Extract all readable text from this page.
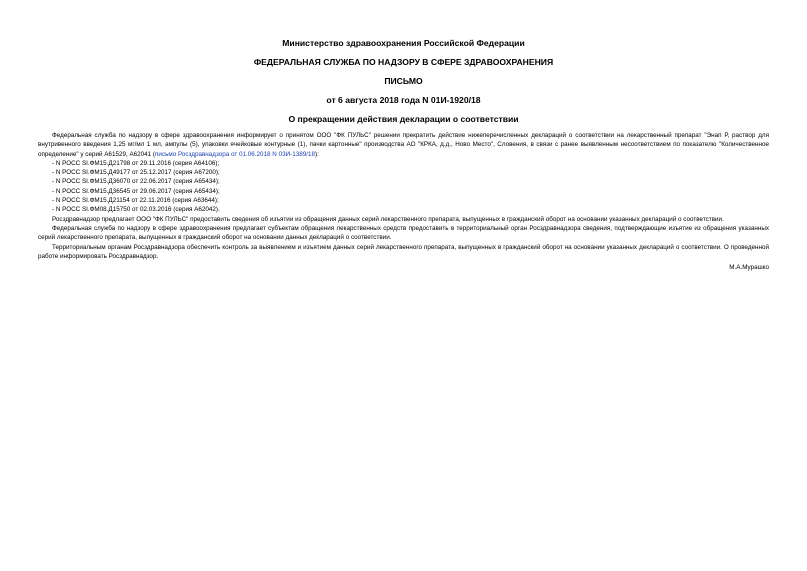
Министерство здравоохранения Российской Федерации
ФЕДЕРАЛЬНАЯ СЛУЖБА ПО НАДЗОРУ В СФЕРЕ ЗДРАВООХРАНЕНИЯ
ПИСЬМО
от 6 августа 2018 года N 01И-1920/18
О прекращении действия декларации о соответствии

Федеральная служба по надзору в сфере здравоохранения информирует о принятом ООО "ФК ПУЛЬС" решении прекратить действие нижеперечисленных деклараций о соответствии на лекарственный препарат "Энап Р, раствор для внутривенного введения 1,25 мг/мл 1 мл, ампулы (5), упаковки ячейковые контурные (1), пачки картонные" производства АО "КРКА, д.д., Ново Место", Словения, в связи с ранее выявленным несоответствием по показателю "Количественное определение" у серий А61529, А62041 (письмо Росздравнадзора от 01.06.2018 N 03И-1389/18):

- N РОСС SI.ФМ15.Д21798 от 29.11.2016 (серия А64106);
- N РОСС SI.ФМ15.Д49177 от 25.12.2017 (серия А67200);
- N РОСС SI.ФМ15.Д36070 от 22.06.2017 (серия А65434);
- N РОСС SI.ФМ15.Д36545 от 29.06.2017 (серия А65434);
- N РОСС SI.ФМ15.Д21154 от 22.11.2016 (серия А63644);
- N РОСС SI.ФМ08.Д15750 от 02.03.2016 (серия А62042).

Росздравнадзор предлагает ООО "ФК ПУЛЬС" предоставить сведения об изъятии из обращения данных серий лекарственного препарата, выпущенных в гражданский оборот на основании указанных деклараций о соответствии.

Федеральная служба по надзору в сфере здравоохранения предлагает субъектам обращения лекарственных средств предоставить в территориальный орган Росздравнадзора сведения, подтверждающие изъятие из обращения указанных серий лекарственного препарата, выпущенных в гражданский оборот на основании данных деклараций о соответствии.

Территориальным органам Росздравнадзора обеспечить контроль за выявлением и изъятием данных серий лекарственного препарата, выпущенных в гражданский оборот на основании указанных деклараций о соответствии. О проведенной работе информировать Росздравнадзор.

М.А.Мурашко
